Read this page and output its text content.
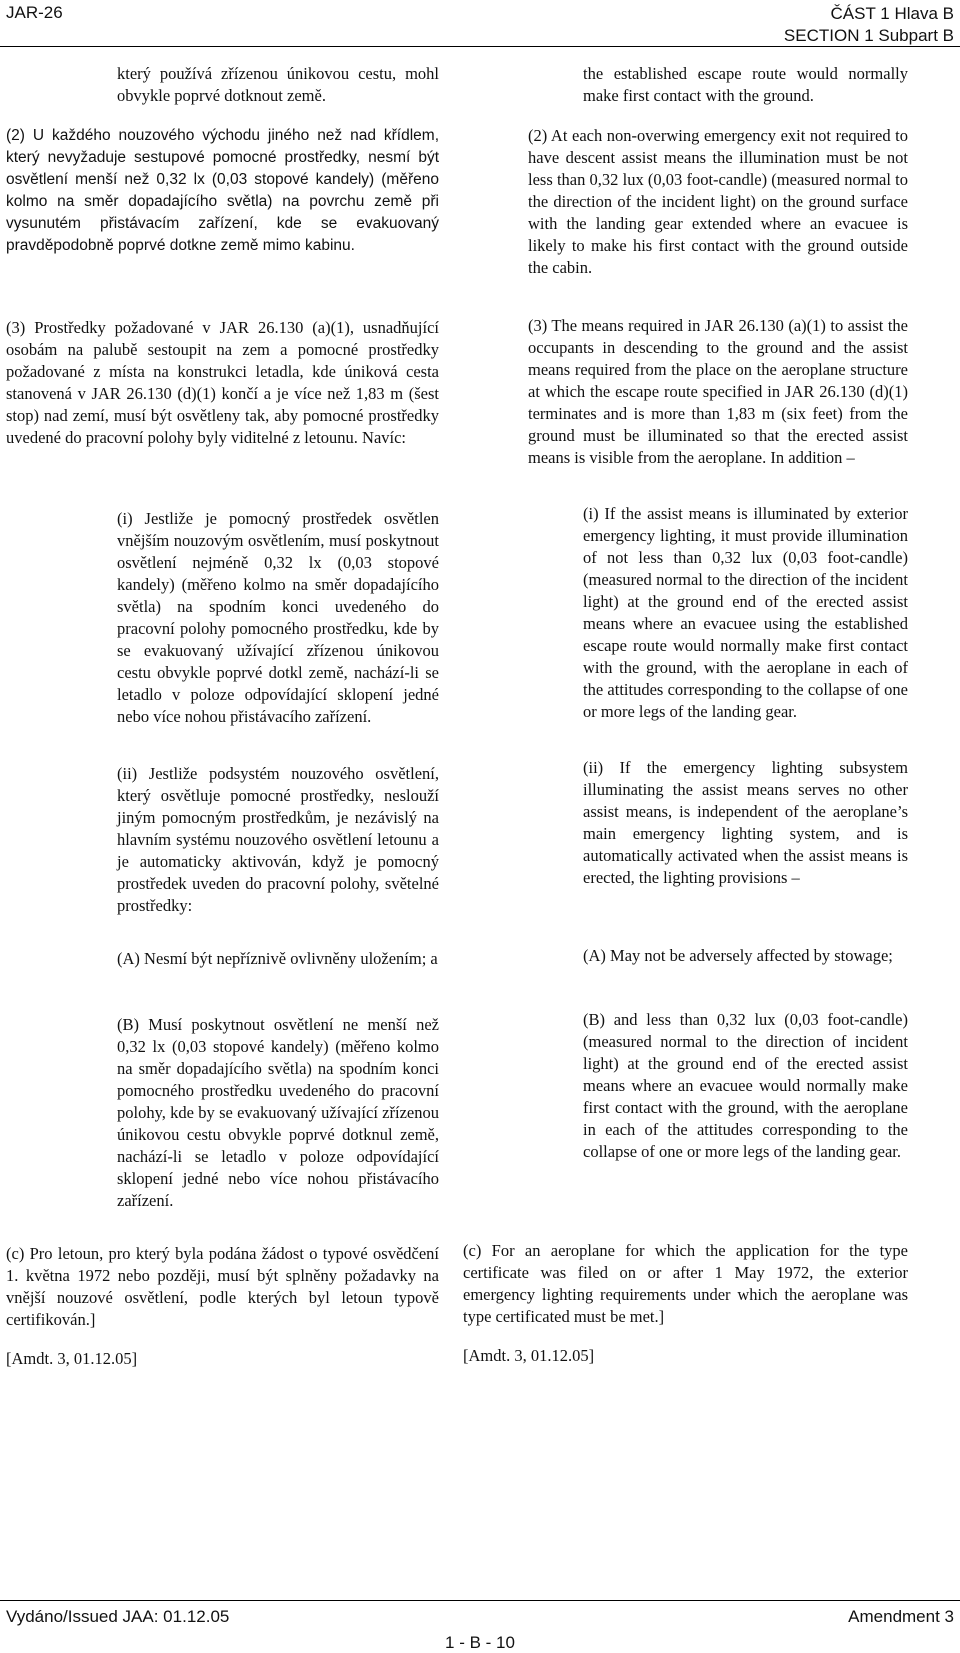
JAR-26	ČÁST 1 Hlava B
SECTION 1 Subpart B

který používá zřízenou únikovou cestu, mohl obvykle poprvé dotknout země.

(2) U každého nouzového východu jiného než nad křídlem, který nevyžaduje sestupové pomocné prostředky, nesmí být osvětlení menší než 0,32 lx (0,03 stopové kandely) (měřeno kolmo na směr dopadajícího světla) na povrchu země při vysunutém přistávacím zařízení, kde se evakuovaný pravděpodobně poprvé dotkne země mimo kabinu.

(3) Prostředky požadované v JAR 26.130 (a)(1), usnadňující osobám na palubě sestoupit na zem a pomocné prostředky požadované z místa na konstrukci letadla, kde úniková cesta stanovená v JAR 26.130 (d)(1) končí a je více než 1,83 m (šest stop) nad zemí, musí být osvětleny tak, aby pomocné prostředky uvedené do pracovní polohy byly viditelné z letounu. Navíc:

(i) Jestliže je pomocný prostředek osvětlen vnějším nouzovým osvětlením, musí poskytnout osvětlení nejméně 0,32 lx (0,03 stopové kandely) (měřeno kolmo na směr dopadajícího světla) na spodním konci uvedeného do pracovní polohy pomocného prostředku, kde by se evakuovaný užívající zřízenou únikovou cestu obvykle poprvé dotkl země, nachází-li se letadlo v poloze odpovídající sklopení jedné nebo více nohou přistávacího zařízení.

(ii) Jestliže podsystém nouzového osvětlení, který osvětluje pomocné prostředky, neslouží jiným pomocným prostředkům, je nezávislý na hlavním systému nouzového osvětlení letounu a je automaticky aktivován, když je pomocný prostředek uveden do pracovní polohy, světelné prostředky:

(A) Nesmí být nepříznivě ovlivněny uložením; a

(B) Musí poskytnout osvětlení ne menší než 0,32 lx (0,03 stopové kandely) (měřeno kolmo na směr dopadajícího světla) na spodním konci pomocného prostředku uvedeného do pracovní polohy, kde by se evakuovaný užívající zřízenou únikovou cestu obvykle poprvé dotknul země, nachází-li se letadlo v poloze odpovídající sklopení jedné nebo více nohou přistávacího zařízení.

(c) Pro letoun, pro který byla podána žádost o typové osvědčení 1. května 1972 nebo později, musí být splněny požadavky na vnější nouzové osvětlení, podle kterých byl letoun typově certifikován.]

[Amdt. 3, 01.12.05]

the established escape route would normally make first contact with the ground.

(2) At each non-overwing emergency exit not required to have descent assist means the illumination must be not less than 0,32 lux (0,03 foot-candle) (measured normal to the direction of the incident light) on the ground surface with the landing gear extended where an evacuee is likely to make his first contact with the ground outside the cabin.

(3) The means required in JAR 26.130 (a)(1) to assist the occupants in descending to the ground and the assist means required from the place on the aeroplane structure at which the escape route specified in JAR 26.130 (d)(1) terminates and is more than 1,83 m (six feet) from the ground must be illuminated so that the erected assist means is visible from the aeroplane. In addition –

(i) If the assist means is illuminated by exterior emergency lighting, it must provide illumination of not less than 0,32 lux (0,03 foot-candle) (measured normal to the direction of the incident light) at the ground end of the erected assist means where an evacuee using the established escape route would normally make first contact with the ground, with the aeroplane in each of the attitudes corresponding to the collapse of one or more legs of the landing gear.

(ii) If the emergency lighting subsystem illuminating the assist means serves no other assist means, is independent of the aeroplane’s main emergency lighting system, and is automatically activated when the assist means is erected, the lighting provisions –

(A) May not be adversely affected by stowage;

(B) and less than 0,32 lux (0,03 foot-candle) (measured normal to the direction of incident light) at the ground end of the erected assist means where an evacuee would normally make first contact with the ground, with the aeroplane in each of the attitudes corresponding to the collapse of one or more legs of the landing gear.

(c) For an aeroplane for which the application for the type certificate was filed on or after 1 May 1972, the exterior emergency lighting requirements under which the aeroplane was type certificated must be met.]

[Amdt. 3, 01.12.05]

Vydáno/Issued JAA: 01.12.05	Amendment 3
1 - B - 10
